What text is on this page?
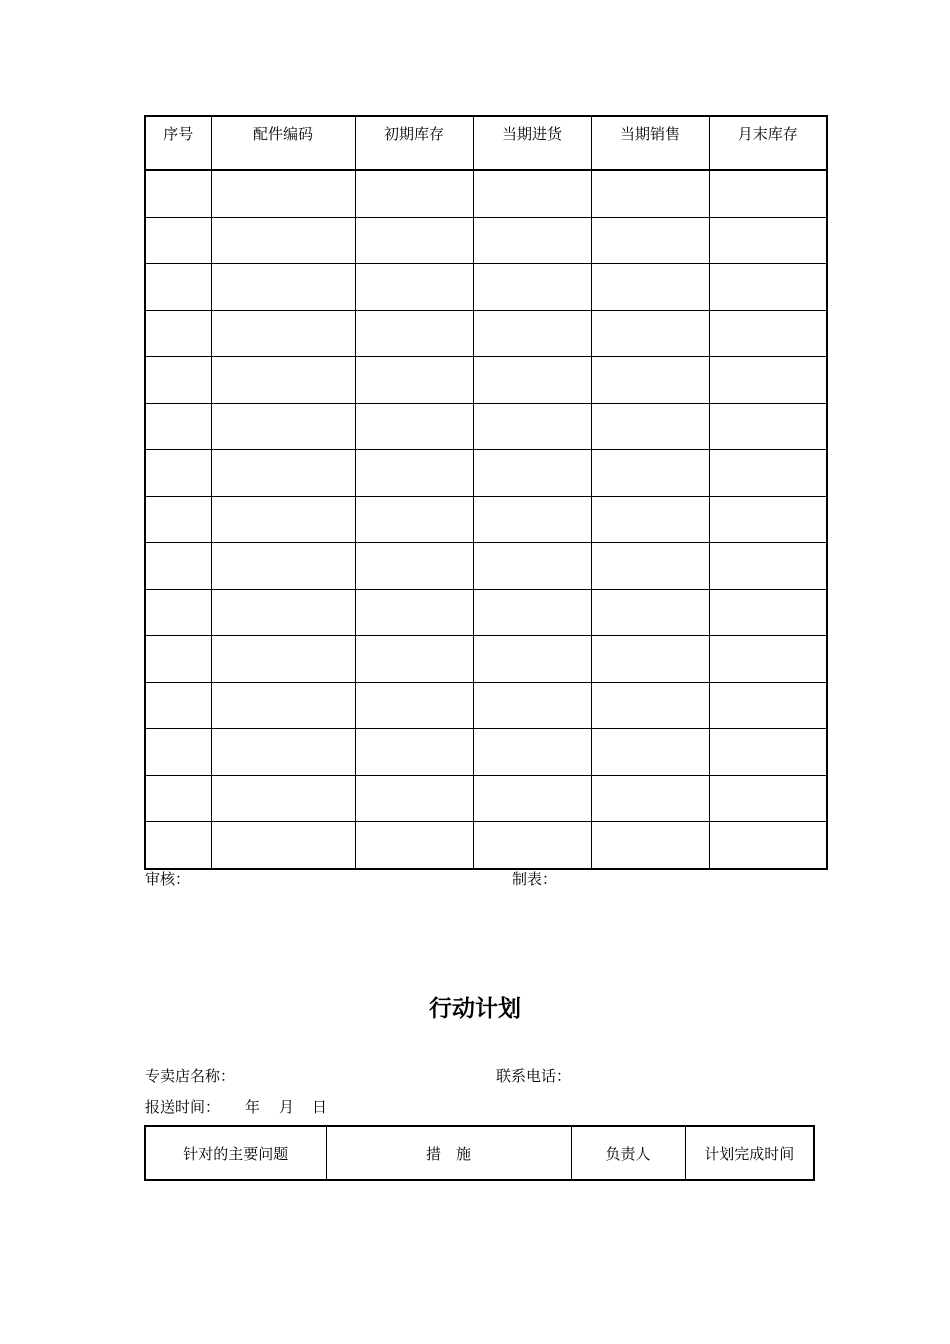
序号	配件编码	初期库存	当期进货	当期销售	月末库存

审核：	制表：
行动计划
专卖店名称：	联系电话：
报送时间： 年 月 日
针对的主要问题	措　施	负责人	计划完成时间
